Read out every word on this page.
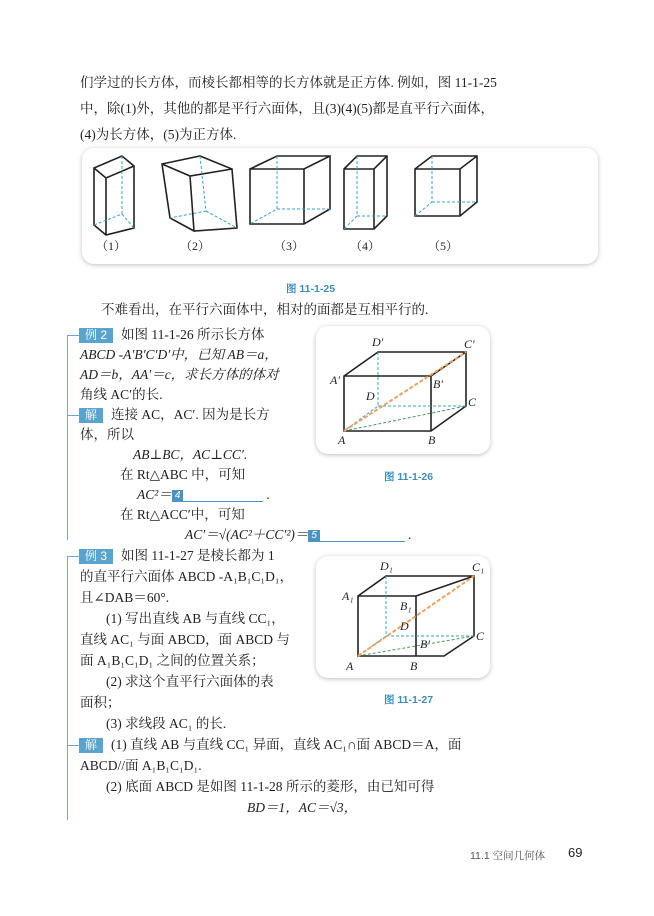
们学过的长方体，而棱长都相等的长方体就是正方体. 例如，图 11-1-25
中，除(1)外，其他的都是平行六面体，且(3)(4)(5)都是直平行六面体，
(4)为长方体，(5)为正方体.
（1）	（2）	（3）	（4）	（5）
图 11-1-25
不难看出，在平行六面体中，相对的面都是互相平行的.
例 2 如图 11-1-26 所示长方体
ABCD -A′B′C′D′中，已知 AB＝a，
AD＝b，AA′＝c，求长方体的体对
角线 AC′的长.
解 连接 AC，AC′. 因为是长方
体，所以
AB⊥BC，AC⊥CC′.
在 Rt△ABC 中，可知
AC²＝ 4	.
在 Rt△ACC′中，可知
AC′＝√(AC²＋CC′²)＝ 5	.
D′	C′
A′	B′
D	C
A	B
图 11-1-26
例 3 如图 11-1-27 是棱长都为 1
的直平行六面体 ABCD -A₁B₁C₁D₁，
且∠DAB＝60°.
(1) 写出直线 AB 与直线 CC₁，
直线 AC₁ 与面 ABCD，面 ABCD 与
面 A₁B₁C₁D₁ 之间的位置关系；
(2) 求这个直平行六面体的表
面积；
(3) 求线段 AC₁ 的长.
解 (1) 直线 AB 与直线 CC₁ 异面，直线 AC₁∩面 ABCD＝A，面
ABCD//面 A₁B₁C₁D₁.
(2) 底面 ABCD 是如图 11-1-28 所示的菱形，由已知可得
BD＝1，AC＝√3，
D₁	C₁
A₁
B₁
D
B′
C
A	B
图 11-1-27
11.1 空间几何体 69
